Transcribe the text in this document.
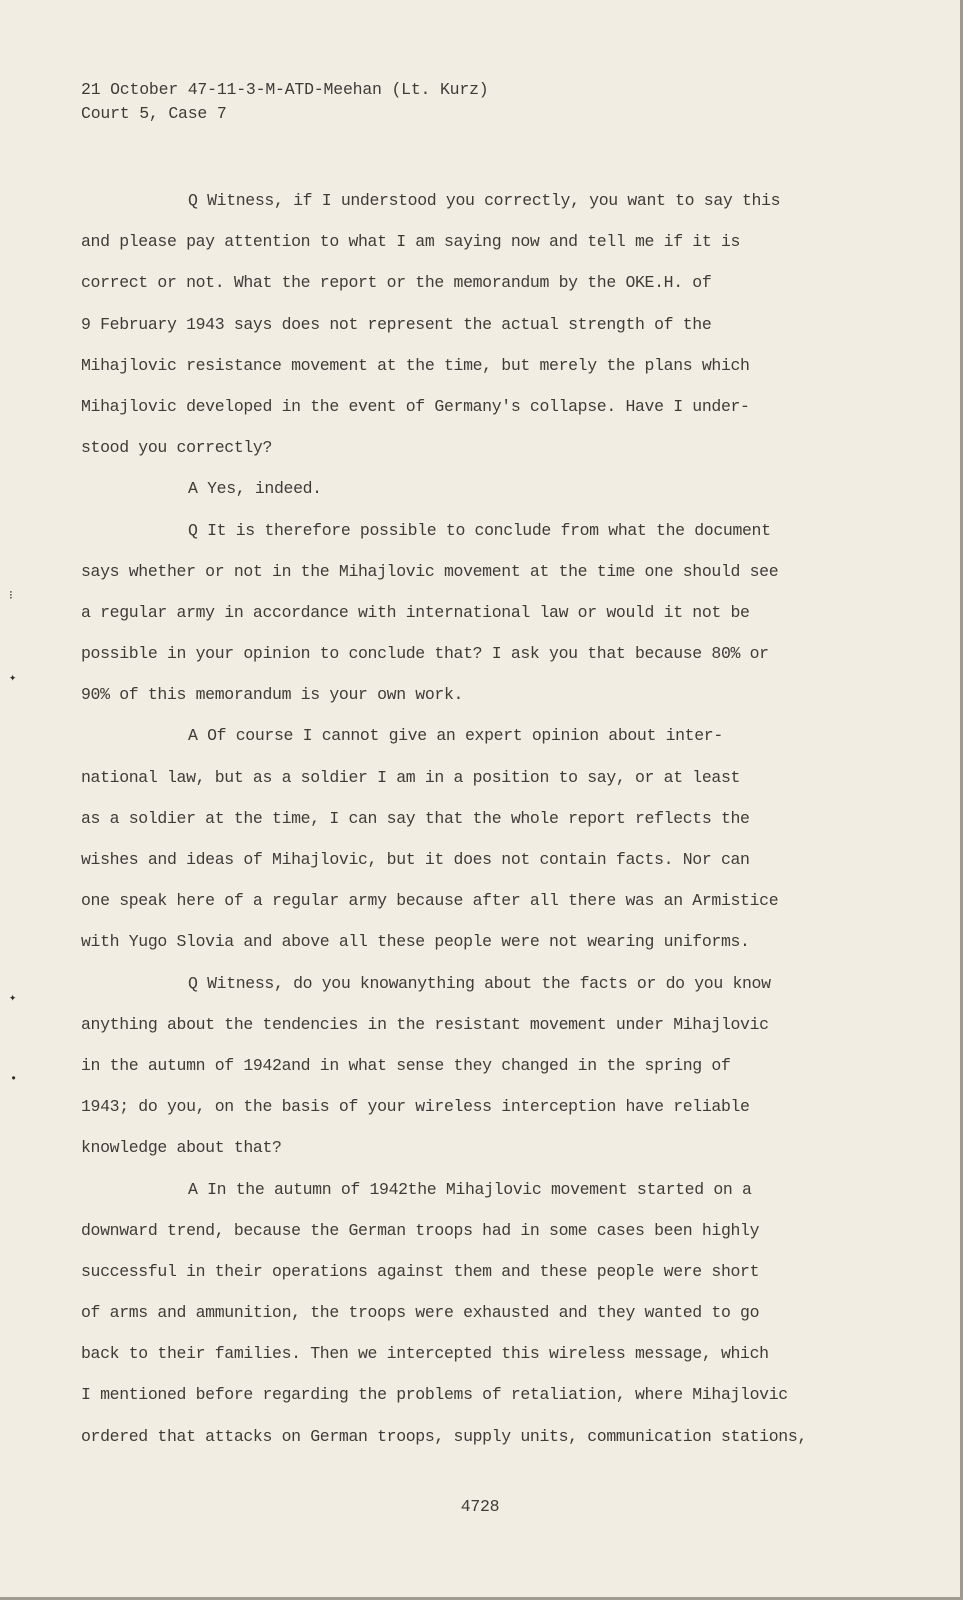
21 October 47-11-3-M-ATD-Meehan (Lt. Kurz)
Court 5, Case 7
Q Witness, if I understood you correctly, you want to say this
and please pay attention to what I am saying now and tell me if it is
correct or not. What the report or the memorandum by the OKE.H. of
9 February 1943 says does not represent the actual strength of the
Mihajlovic resistance movement at the time, but merely the plans which
Mihajlovic developed in the event of Germany's collapse. Have I under-
stood you correctly?
A Yes, indeed.
Q It is therefore possible to conclude from what the document
says whether or not in the Mihajlovic movement at the time one should see
a regular army in accordance with international law or would it not be
possible in your opinion to conclude that? I ask you that because 80% or
90% of this memorandum is your own work.
A Of course I cannot give an expert opinion about inter-
national law, but as a soldier I am in a position to say, or at least
as a soldier at the time, I can say that the whole report reflects the
wishes and ideas of Mihajlovic, but it does not contain facts. Nor can
one speak here of a regular army because after all there was an Armistice
with Yugo Slovia and above all these people were not wearing uniforms.
Q Witness, do you knowanything about the facts or do you know
anything about the tendencies in the resistant movement under Mihajlovic
in the autumn of 1942and in what sense they changed in the spring of
1943; do you, on the basis of your wireless interception have reliable
knowledge about that?
A In the autumn of 1942the Mihajlovic movement started on a
downward trend, because the German troops had in some cases been highly
successful in their operations against them and these people were short
of arms and ammunition, the troops were exhausted and they wanted to go
back to their families. Then we intercepted this wireless message, which
I mentioned before regarding the problems of retaliation, where Mihajlovic
ordered that attacks on German troops, supply units, communication stations,
⁝
✦
✦
•
4728
